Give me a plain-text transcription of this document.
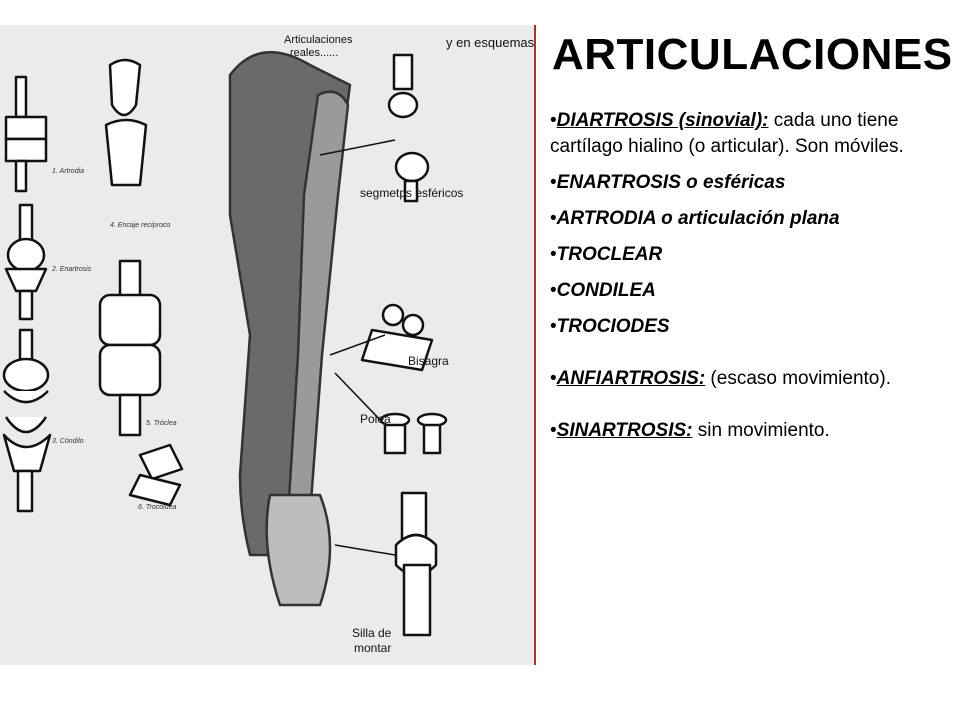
Articulaciones
reales......
y en esquemas
segmetps esféricos
Bisagra
Polea
Silla de
montar
1. Artrodia
4. Encaje recíproco
2. Enartrosis
3. Cóndilo
5. Tróclea
6. Trocoidea
ARTICULACIONES
•DIARTROSIS (sinovial): cada uno tiene cartílago hialino (o articular). Son móviles.
•ENARTROSIS o esféricas
•ARTRODIA o articulación plana
•TROCLEAR
•CONDILEA
•TROCIODES
•ANFIARTROSIS: (escaso movimiento).
•SINARTROSIS: sin movimiento.
